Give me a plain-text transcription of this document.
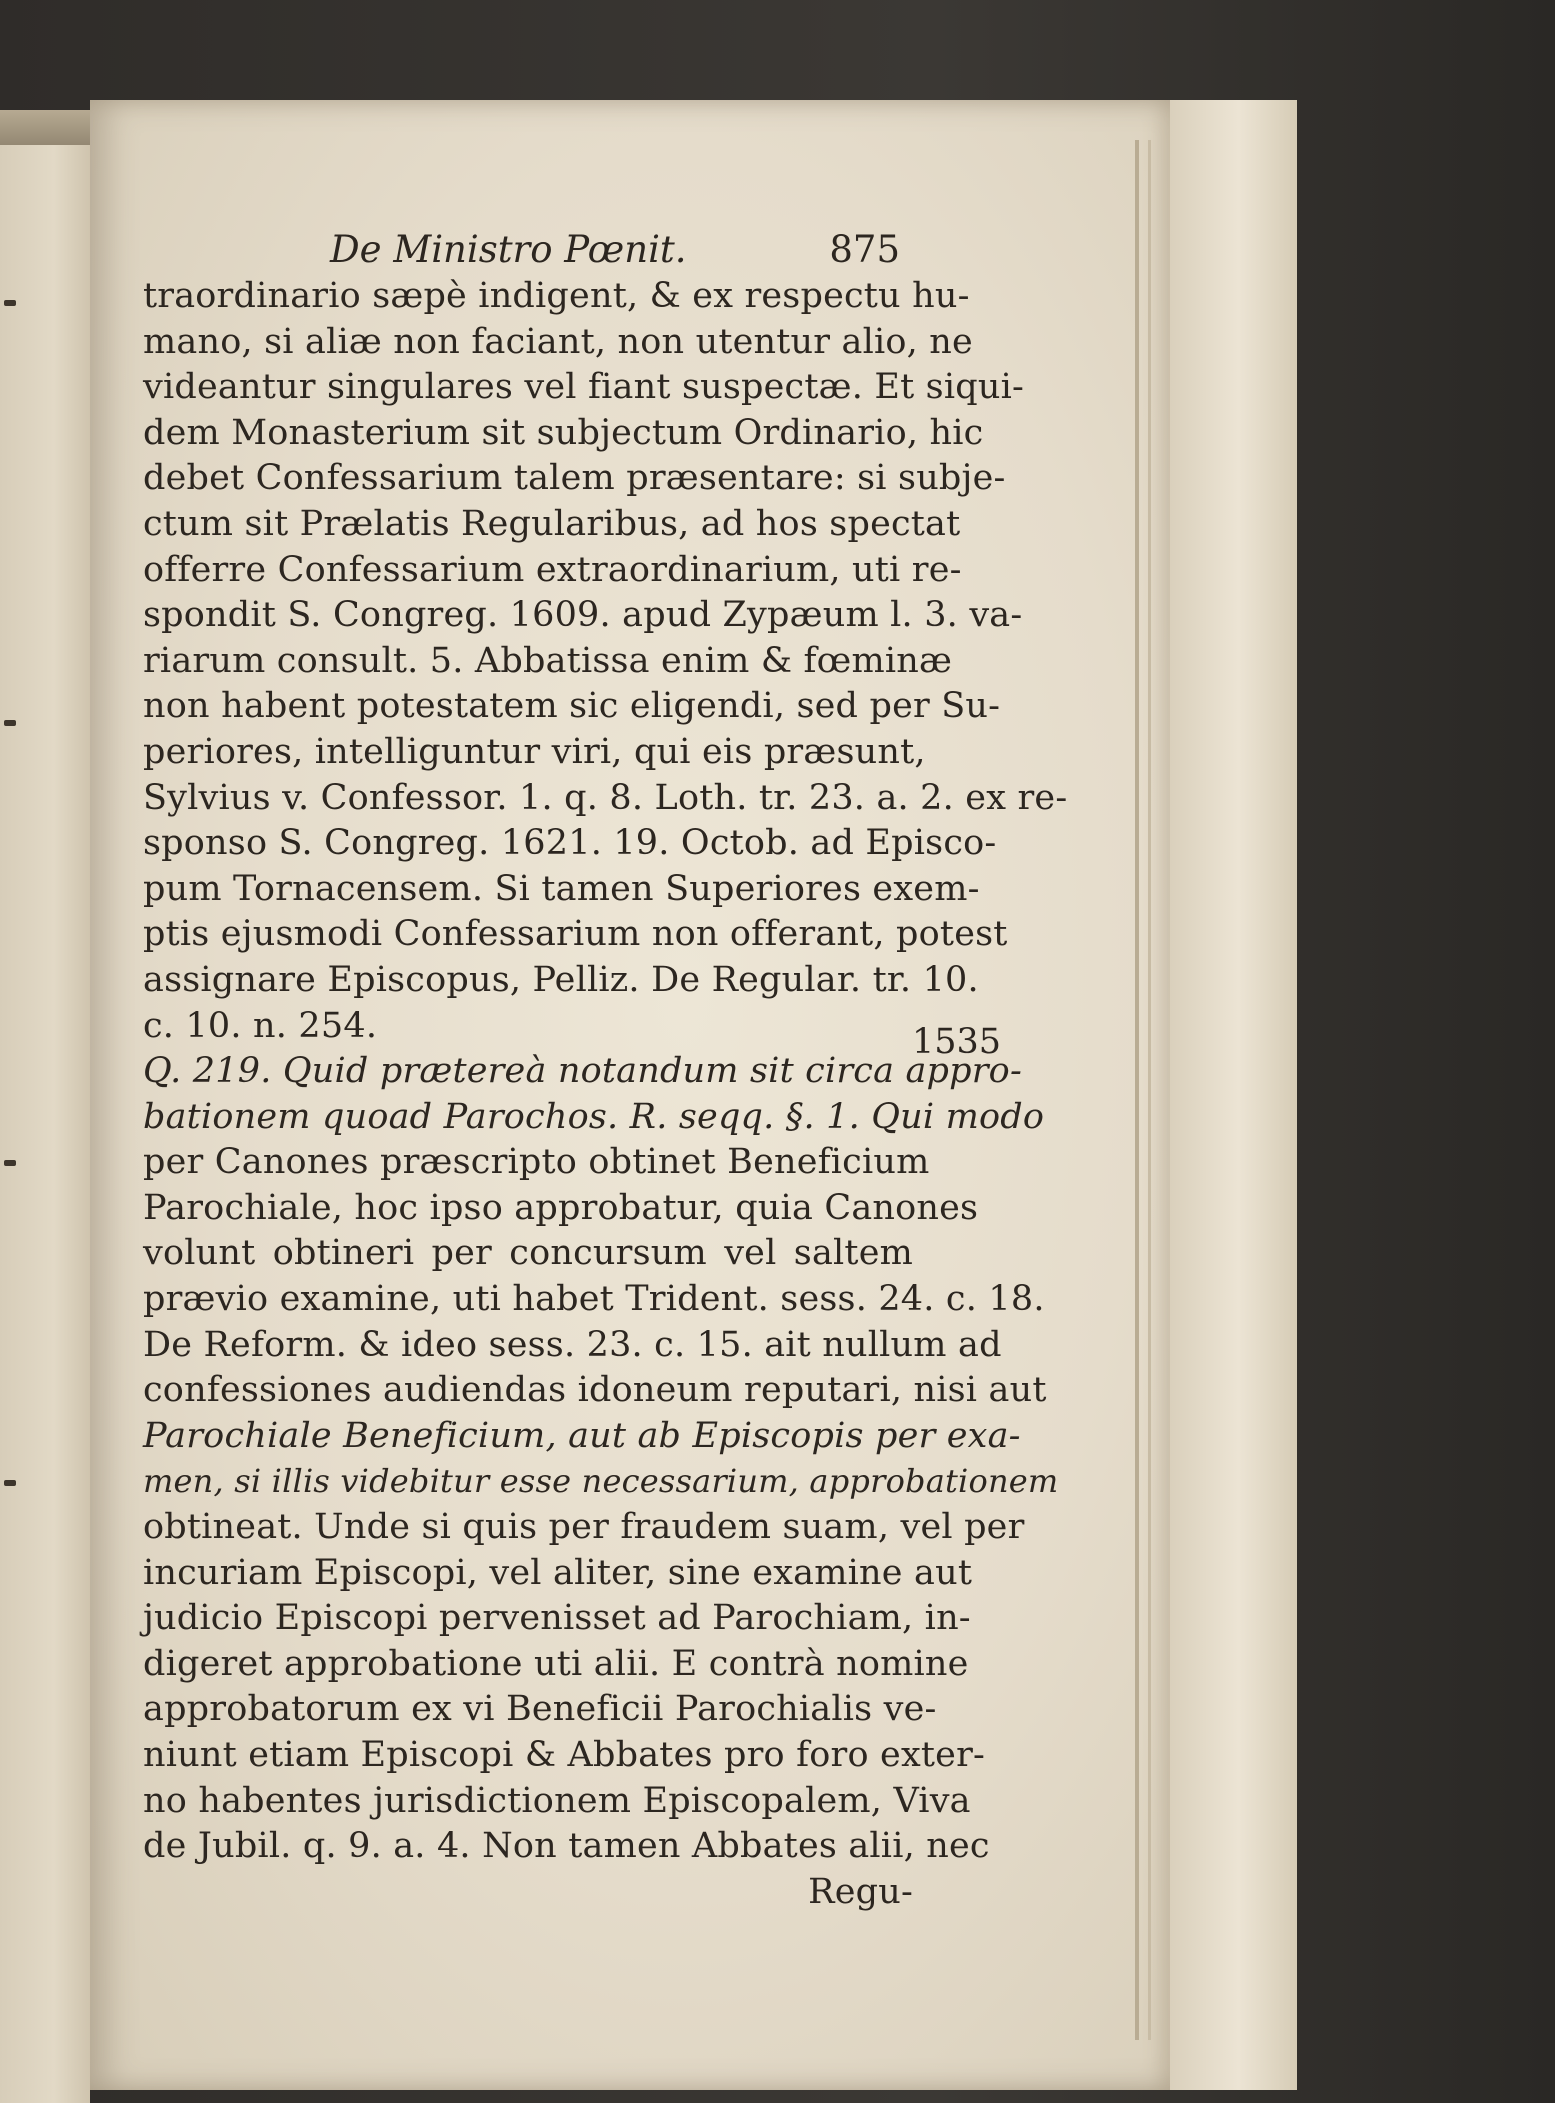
De Ministro Pœnit.	875
1535
traordinario sæpè indigent, & ex respectu hu-
mano, si aliæ non faciant, non utentur alio, ne
videantur singulares vel fiant suspectæ. Et siqui-
dem Monasterium sit subjectum Ordinario, hic
debet Confessarium talem præsentare: si subje-
ctum sit Prælatis Regularibus, ad hos spectat
offerre Confessarium extraordinarium, uti re-
spondit S. Congreg. 1609. apud Zypæum l. 3. va-
riarum consult. 5. Abbatissa enim & fœminæ
non habent potestatem sic eligendi, sed per Su-
periores, intelliguntur viri, qui eis præsunt,
Sylvius v. Confessor. 1. q. 8. Loth. tr. 23. a. 2. ex re-
sponso S. Congreg. 1621. 19. Octob. ad Episco-
pum Tornacensem. Si tamen Superiores exem-
ptis ejusmodi Confessarium non offerant, potest
assignare Episcopus, Pelliz. De Regular. tr. 10.
c. 10. n. 254.
Q. 219. Quid prætereà notandum sit circa appro-
bationem quoad Parochos. R. seqq. §. 1. Qui modo
per Canones præscripto obtinet Beneficium
Parochiale, hoc ipso approbatur, quia Canones
volunt obtineri per concursum vel saltem
prævio examine, uti habet Trident. sess. 24. c. 18.
De Reform. & ideo sess. 23. c. 15. ait nullum ad
confessiones audiendas idoneum reputari, nisi aut
Parochiale Beneficium, aut ab Episcopis per exa-
men, si illis videbitur esse necessarium, approbationem
obtineat. Unde si quis per fraudem suam, vel per
incuriam Episcopi, vel aliter, sine examine aut
judicio Episcopi pervenisset ad Parochiam, in-
digeret approbatione uti alii. E contrà nomine
approbatorum ex vi Beneficii Parochialis ve-
niunt etiam Episcopi & Abbates pro foro exter-
no habentes jurisdictionem Episcopalem, Viva
de Jubil. q. 9. a. 4. Non tamen Abbates alii, nec
Regu-
